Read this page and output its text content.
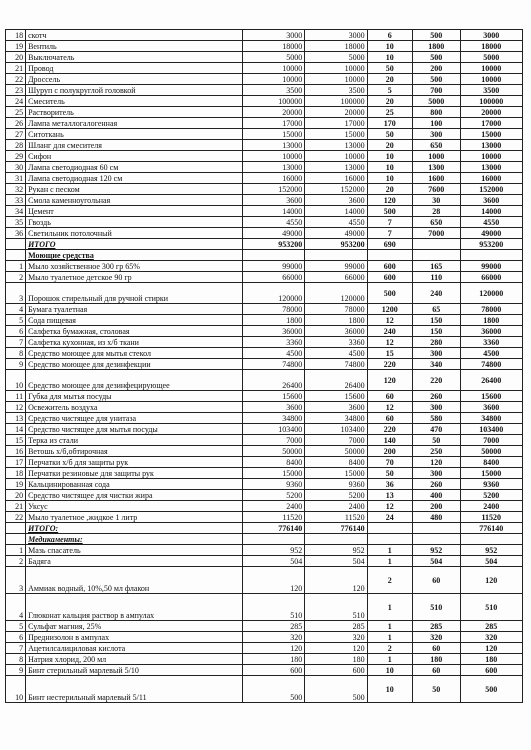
18	скотч	3000	3000	6	500	3000
19	Вентиль	18000	18000	10	1800	18000
20	Выключатель	5000	5000	10	500	5000
21	Провод	10000	10000	50	200	10000
22	Дроссель	10000	10000	20	500	10000
23	Шуруп с полукруглой головкой	3500	3500	5	700	3500
24	Смеситель	100000	100000	20	5000	100000
25	Растворитель	20000	20000	25	800	20000
26	Лампа металлогалогенная	17000	17000	170	100	17000
27	Ситоткань	15000	15000	50	300	15000
28	Шланг для смесителя	13000	13000	20	650	13000
29	Сифон	10000	10000	10	1000	10000
30	Лампа светодиодная 60 см	13000	13000	10	1300	13000
31	Лампа светодиодная 120 см	16000	16000	10	1600	16000
32	Рукан с песком	152000	152000	20	7600	152000
33	Смола каменноугольная	3600	3600	120	30	3600
34	Цемент	14000	14000	500	28	14000
35	Гвоздь	4550	4550	7	650	4550
36	Светильник потолочный	49000	49000	7	7000	49000
	ИТОГО	953200	953200	690		953200
	Моющие средства					
1	Мыло хозяйственное 300 гр 65%	99000	99000	600	165	99000
2	Мыло туалетное детское 90 гр	66000	66000	600	110	66000
3	Порошок стирельный для ручной стирки	120000	120000	500	240	120000
4	Бумага туалетная	78000	78000	1200	65	78000
5	Сода пищевая	1800	1800	12	150	1800
6	Салфетка бумажная, столовая	36000	36000	240	150	36000
7	Салфетка кухонная, из х/б ткани	3360	3360	12	280	3360
8	Средство моющее для мытья стекол	4500	4500	15	300	4500
9	Средство моющее для дезинфекции	74800	74800	220	340	74800
10	Средство моющее для дезинфецирующее	26400	26400	120	220	26400
11	Губка для мытья посуды	15600	15600	60	260	15600
12	Освежитель воздуха	3600	3600	12	300	3600
13	Средство чистящее для унитаза	34800	34800	60	580	34800
14	Средство чистящее для мытья посуды	103400	103400	220	470	103400
15	Терка из стали	7000	7000	140	50	7000
16	Ветошь х/б,обтирочная	50000	50000	200	250	50000
17	Перчатки х/б для защиты рук	8400	8400	70	120	8400
18	Перчатки резиновые для защиты рук	15000	15000	50	300	15000
19	Кальцинированная сода	9360	9360	36	260	9360
20	Средство чистящее для чистки жира	5200	5200	13	400	5200
21	Уксус	2400	2400	12	200	2400
22	Мыло туалетное ,жидкое 1 литр	11520	11520	24	480	11520
	ИТОГО:	776140	776140			776140
	Медикаменты:					
1	Мазь спасатель	952	952	1	952	952
2	Бадяга	504	504	1	504	504
3	Аммиак водный, 10%,50 мл флакон	120	120	2	60	120
4	Глюконат кальция раствор в ампулах	510	510	1	510	510
5	Сульфат магния, 25%	285	285	1	285	285
6	Преднизолон в ампулах	320	320	1	320	320
7	Ацетилсалициловая кислота	120	120	2	60	120
8	Натрия хлорид, 200 мл	180	180	1	180	180
9	Бинт стерильный марлевый 5/10	600	600	10	60	600
10	Бинт нестерильный марлевый 5/11	500	500	10	50	500
